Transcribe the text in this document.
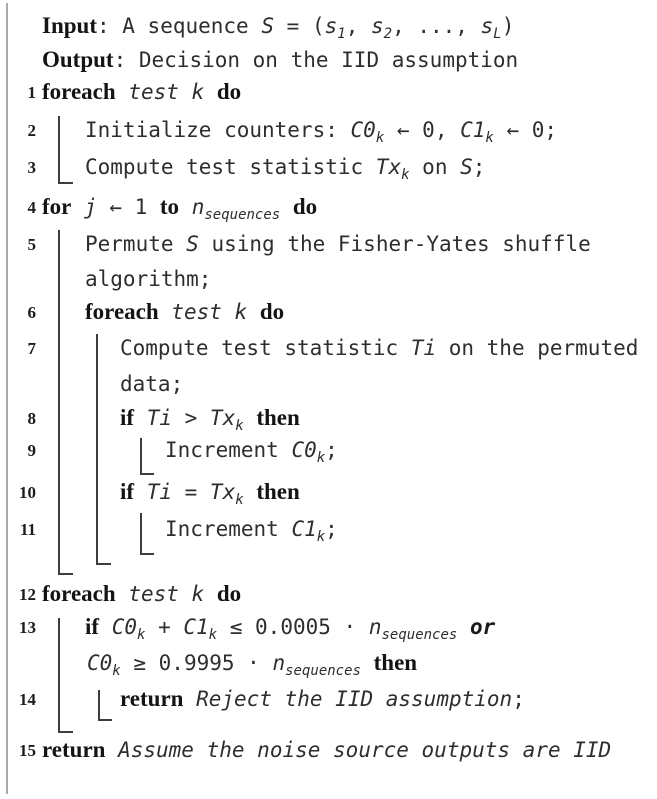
Input: A sequence S = (s1, s2, ..., sL)
Output: Decision on the IID assumption
foreach test k do
1
Initialize counters: C0k ← 0, C1k ← 0;
2
Compute test statistic Txk on S;
3
for j ← 1 to nsequences do
4
Permute S using the Fisher-Yates shuffle
5
algorithm;
foreach test k do
6
Compute test statistic Ti on the permuted
7
data;
if Ti > Txk then
8
Increment C0k;
9
if Ti = Txk then
10
Increment C1k;
11
foreach test k do
12
if C0k + C1k ≤ 0.0005 · nsequences or
13
C0k ≥ 0.9995 · nsequences then
return Reject the IID assumption;
14
return Assume the noise source outputs are IID
15
